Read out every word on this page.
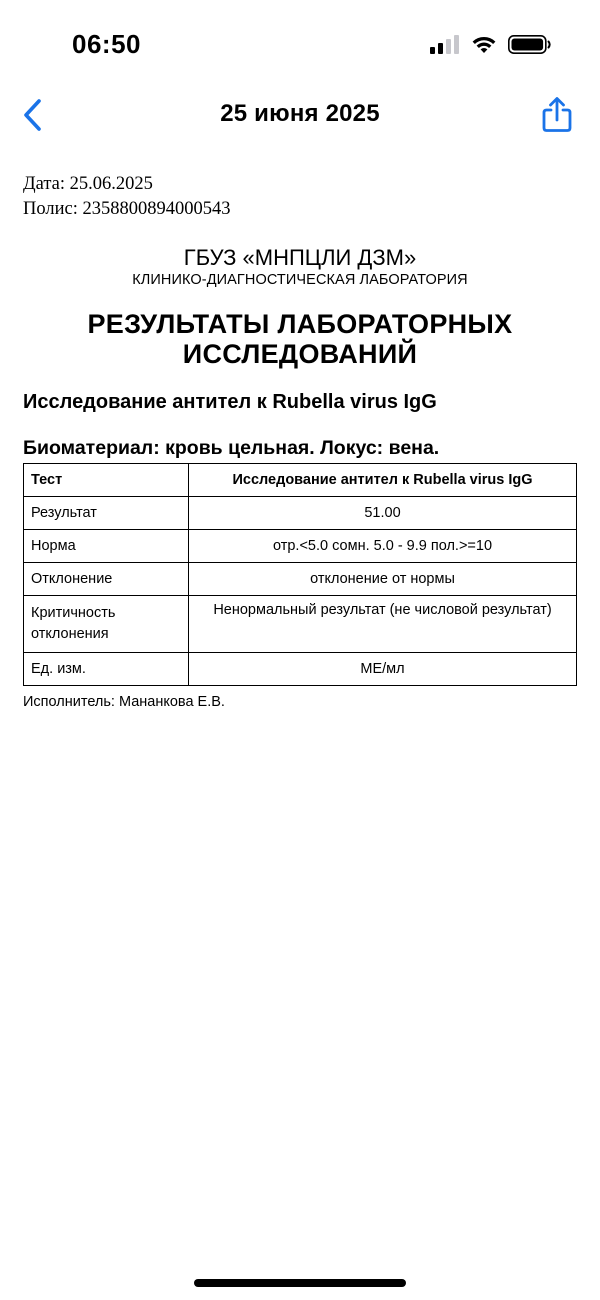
06:50
25 июня 2025
Дата: 25.06.2025
Полис: 2358800894000543
ГБУЗ «МНПЦЛИ ДЗМ»
КЛИНИКО-ДИАГНОСТИЧЕСКАЯ ЛАБОРАТОРИЯ
РЕЗУЛЬТАТЫ ЛАБОРАТОРНЫХ
ИССЛЕДОВАНИЙ
Исследование антител к Rubella virus IgG
Биоматериал: кровь цельная. Локус: вена.
Тест	Исследование антител к Rubella virus IgG
Результат	51.00
Норма	отр.<5.0 сомн. 5.0 - 9.9 пол.>=10
Отклонение	отклонение от нормы

Критичность
отклонения	Ненормальный результат (не числовой результат)
Ед. изм.	МЕ/мл
Исполнитель: Мананкова Е.В.
